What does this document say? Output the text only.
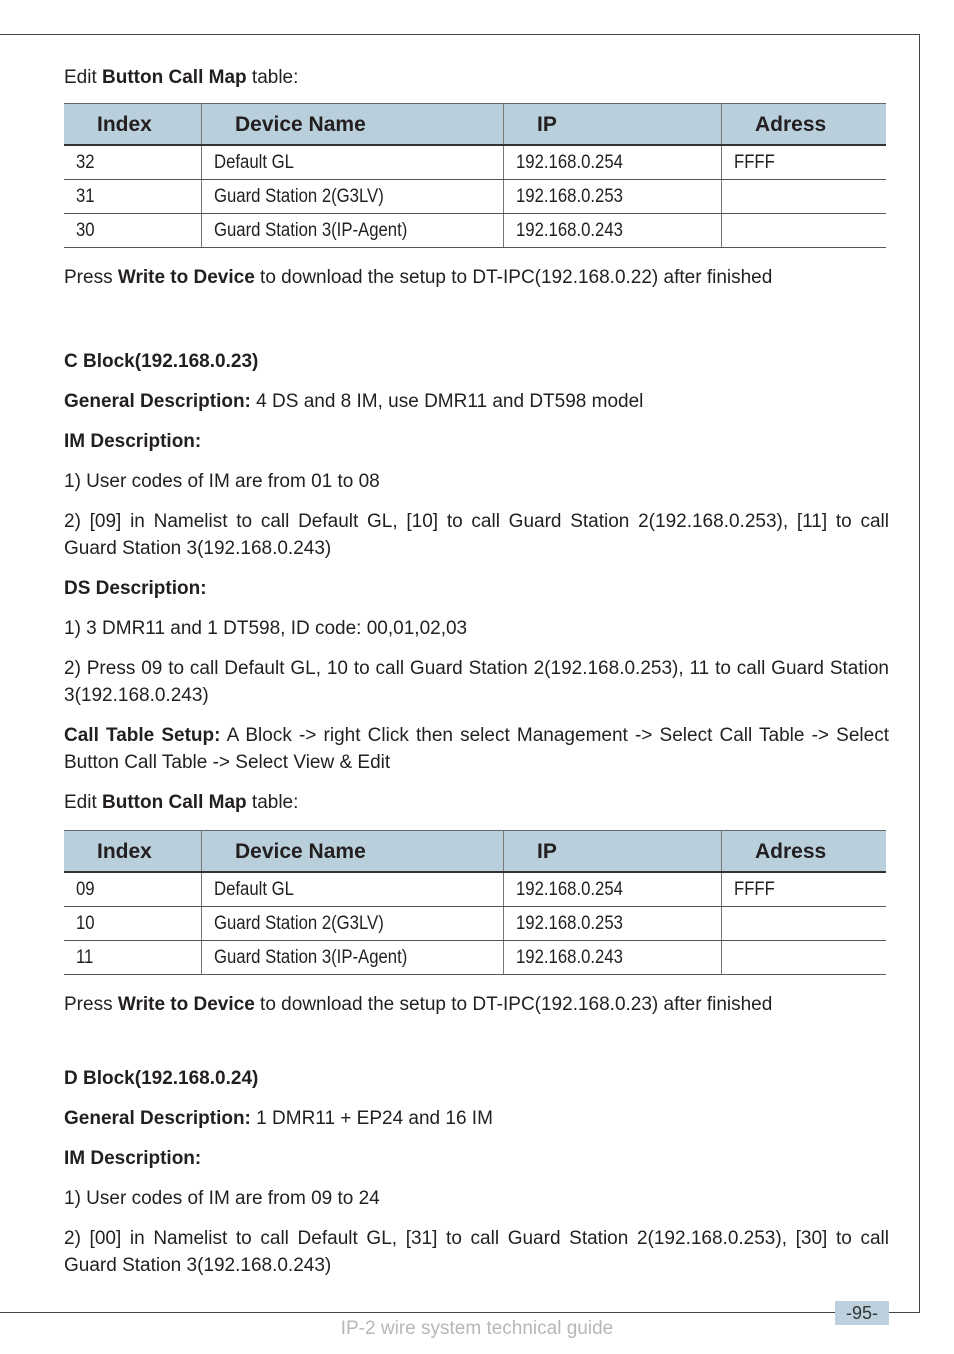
Edit Button Call Map table:

Index	Device Name	IP	Adress
32	Default GL	192.168.0.254	FFFF
31	Guard Station 2(G3LV)	192.168.0.253	
30	Guard Station 3(IP-Agent)	192.168.0.243	

Press Write to Device to download the setup to DT-IPC(192.168.0.22) after finished

C Block(192.168.0.23)

General Description: 4 DS and 8 IM, use DMR11 and DT598 model

IM Description:

1) User codes of IM are from 01 to 08

2) [09] in Namelist to call Default GL, [10] to call Guard Station 2(192.168.0.253), [11] to call Guard Station 3(192.168.0.243)

DS Description:

1) 3 DMR11 and 1 DT598, ID code: 00,01,02,03

2) Press 09 to call Default GL, 10 to call Guard Station 2(192.168.0.253), 11 to call Guard Station 3(192.168.0.243)

Call Table Setup: A Block -> right Click then select Management -> Select Call Table -> Select Button Call Table -> Select View & Edit

Edit Button Call Map table:

Index	Device Name	IP	Adress
09	Default GL	192.168.0.254	FFFF
10	Guard Station 2(G3LV)	192.168.0.253	
11	Guard Station 3(IP-Agent)	192.168.0.243	

Press Write to Device to download the setup to DT-IPC(192.168.0.23) after finished

D Block(192.168.0.24)

General Description: 1 DMR11 + EP24 and 16 IM

IM Description:

1) User codes of IM are from 09 to 24

2) [00] in Namelist to call Default GL, [31] to call Guard Station 2(192.168.0.253), [30] to call Guard Station 3(192.168.0.243)

-95-
IP-2 wire system technical guide
